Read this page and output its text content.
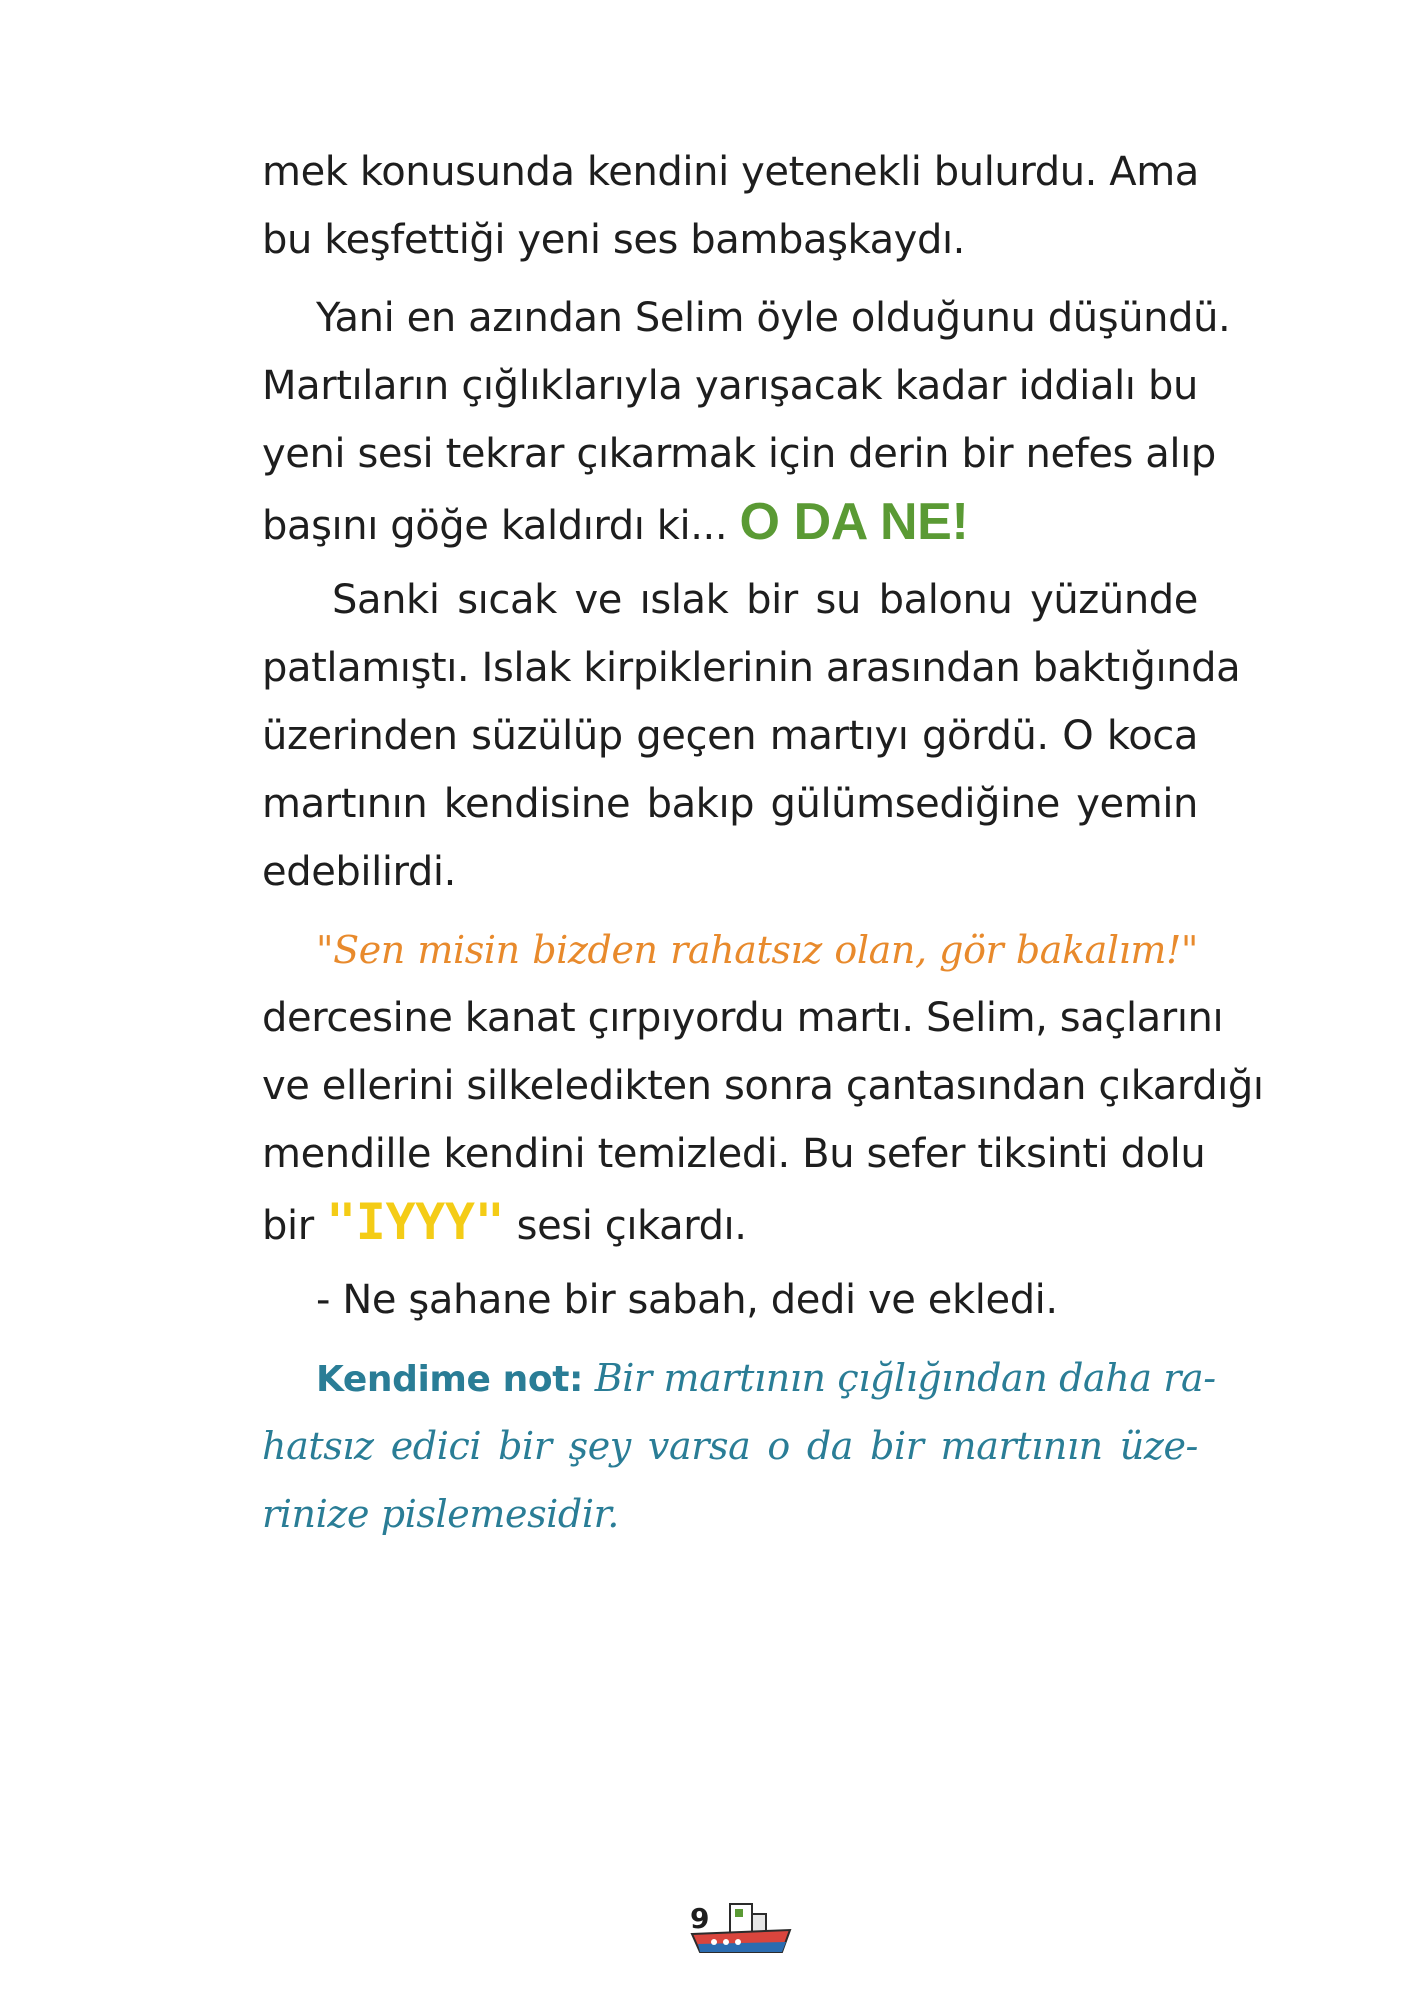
mek konusunda kendini yetenekli bulurdu. Ama
bu keşfettiği yeni ses bambaşkaydı.
Yani en azından Selim öyle olduğunu düşündü.
Martıların çığlıklarıyla yarışacak kadar iddialı bu
yeni sesi tekrar çıkarmak için derin bir nefes alıp
başını göğe kaldırdı ki... O DA NE!
Sanki sıcak ve ıslak bir su balonu yüzünde
patlamıştı. Islak kirpiklerinin arasından baktığında
üzerinden süzülüp geçen martıyı gördü. O koca
martının kendisine bakıp gülümsediğine yemin
edebilirdi.
"Sen misin bizden rahatsız olan, gör bakalım!"
dercesine kanat çırpıyordu martı. Selim, saçlarını
ve ellerini silkeledikten sonra çantasından çıkardığı
mendille kendini temizledi. Bu sefer tiksinti dolu
bir "IYYY" sesi çıkardı.
- Ne şahane bir sabah, dedi ve ekledi.
Kendime not: Bir martının çığlığından daha ra-
hatsız edici bir şey varsa o da bir martının üze-
rinize pislemesidir.
9
